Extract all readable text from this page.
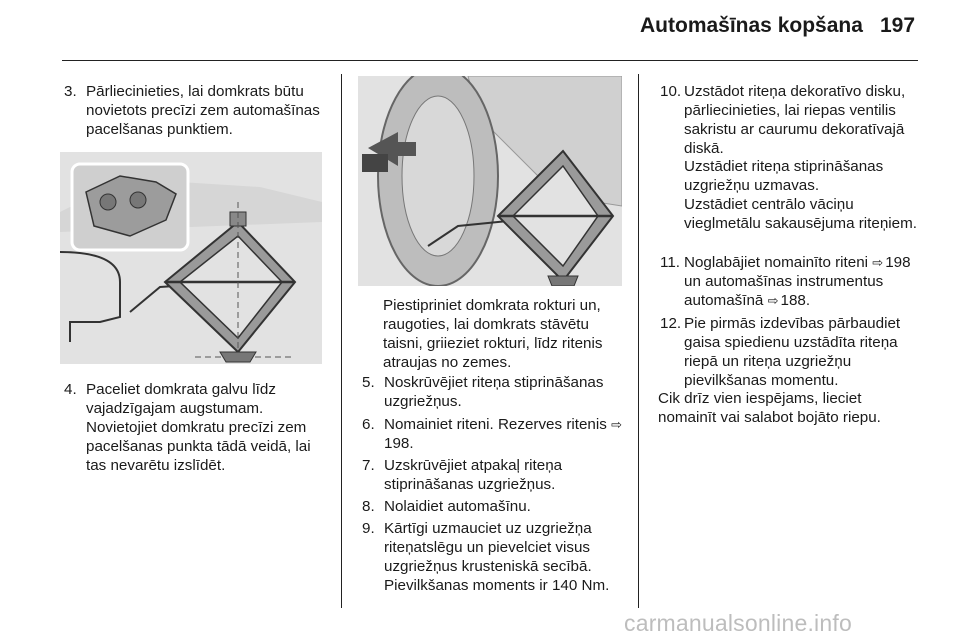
Automašīnas kopšana 197
3. Pārliecinieties, lai domkrats būtu novietots precīzi zem automašīnas pacelšanas punktiem.
4. Paceliet domkrata galvu līdz vajadzīgajam augstumam. Novietojiet domkratu precīzi zem pacelšanas punkta tādā veidā, lai tas nevarētu izslīdēt.
Piestipriniet domkrata rokturi un, raugoties, lai domkrats stāvētu taisni, griieziet rokturi, līdz ritenis atraujas no zemes.
5. Noskrūvējiet riteņa stiprināšanas uzgriežņus.
6. Nomainiet riteni. Rezerves ritenis ⇨198.
7. Uzskrūvējiet atpakaļ riteņa stiprināšanas uzgriežņus.
8. Nolaidiet automašīnu.
9. Kārtīgi uzmauciet uz uzgriežņa riteņatslēgu un pievelciet visus uzgriežņus krusteniskā secībā. Pievilkšanas moments ir 140 Nm.
10. Uzstādot riteņa dekoratīvo disku, pārliecinieties, lai riepas ventilis sakristu ar caurumu dekoratīvajā diskā.
Uzstādiet riteņa stiprināšanas uzgriežņu uzmavas.
Uzstādiet centrālo vāciņu vieglmetālu sakausējuma riteņiem.
11. Noglabājiet nomainīto riteni ⇨ 198 un automašīnas instrumentus automašīnā ⇨ 188.
12. Pie pirmās izdevības pārbaudiet gaisa spiedienu uzstādīta riteņa riepā un riteņa uzgriežņu pievilkšanas momentu.
Cik drīz vien iespējams, lieciet nomainīt vai salabot bojāto riepu.
carmanualsonline.info
